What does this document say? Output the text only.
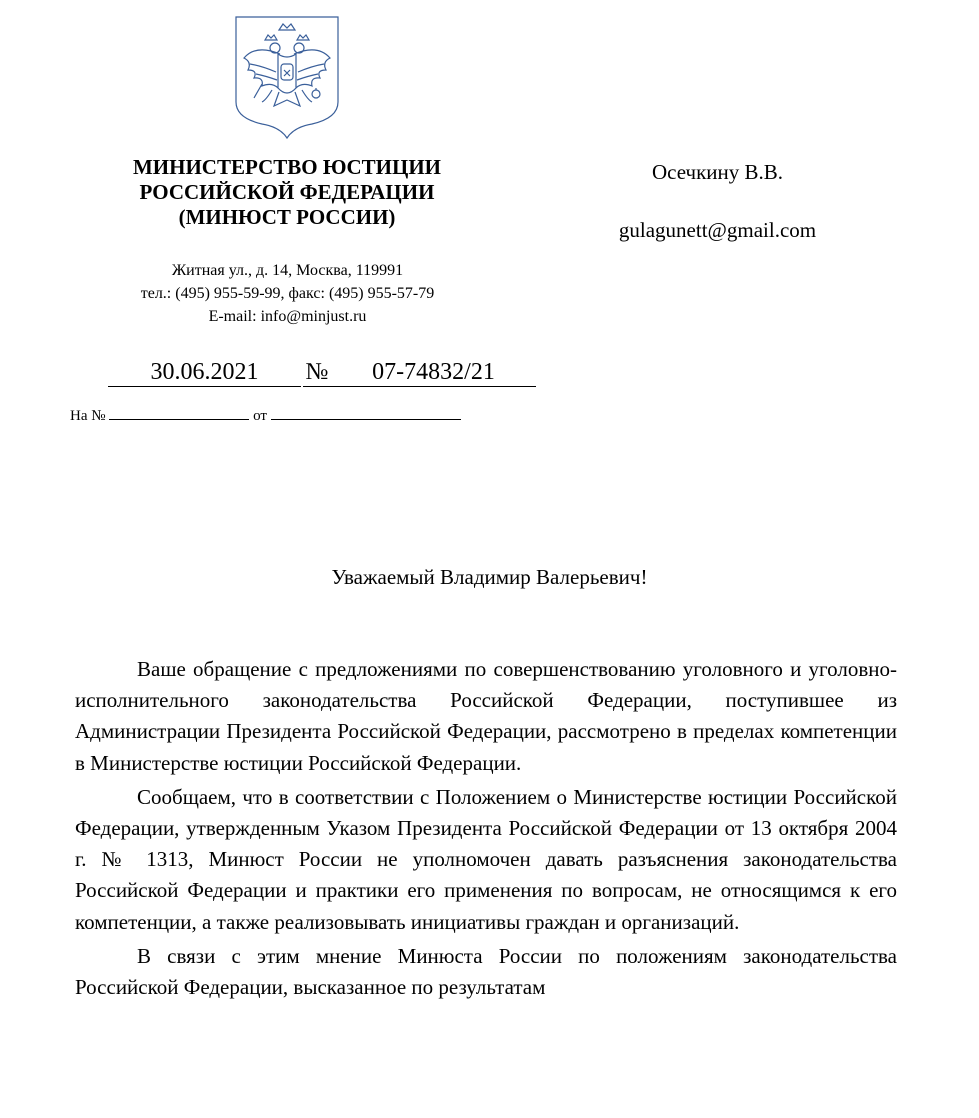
МИНИСТЕРСТВО ЮСТИЦИИ
РОССИЙСКОЙ ФЕДЕРАЦИИ
(МИНЮСТ РОССИИ)
Житная ул., д. 14, Москва, 119991
тел.: (495) 955-59-99, факс: (495) 955-57-79
E-mail: info@minjust.ru
Осечкину В.В.
gulagunett@gmail.com
30.06.2021	№	07-74832/21
На №	от
Уважаемый Владимир Валерьевич!

Ваше обращение с предложениями по совершенствованию уголовного и уголовно-исполнительного законодательства Российской Федерации, поступившее из Администрации Президента Российской Федерации, рассмотрено в пределах компетенции в Министерстве юстиции Российской Федерации.

Сообщаем, что в соответствии с Положением о Министерстве юстиции Российской Федерации, утвержденным Указом Президента Российской Федерации от 13 октября 2004 г. № 1313, Минюст России не уполномочен давать разъяснения законодательства Российской Федерации и практики его применения по вопросам, не относящимся к его компетенции, а также реализовывать инициативы граждан и организаций.

В связи с этим мнение Минюста России по положениям законодательства Российской Федерации, высказанное по результатам
